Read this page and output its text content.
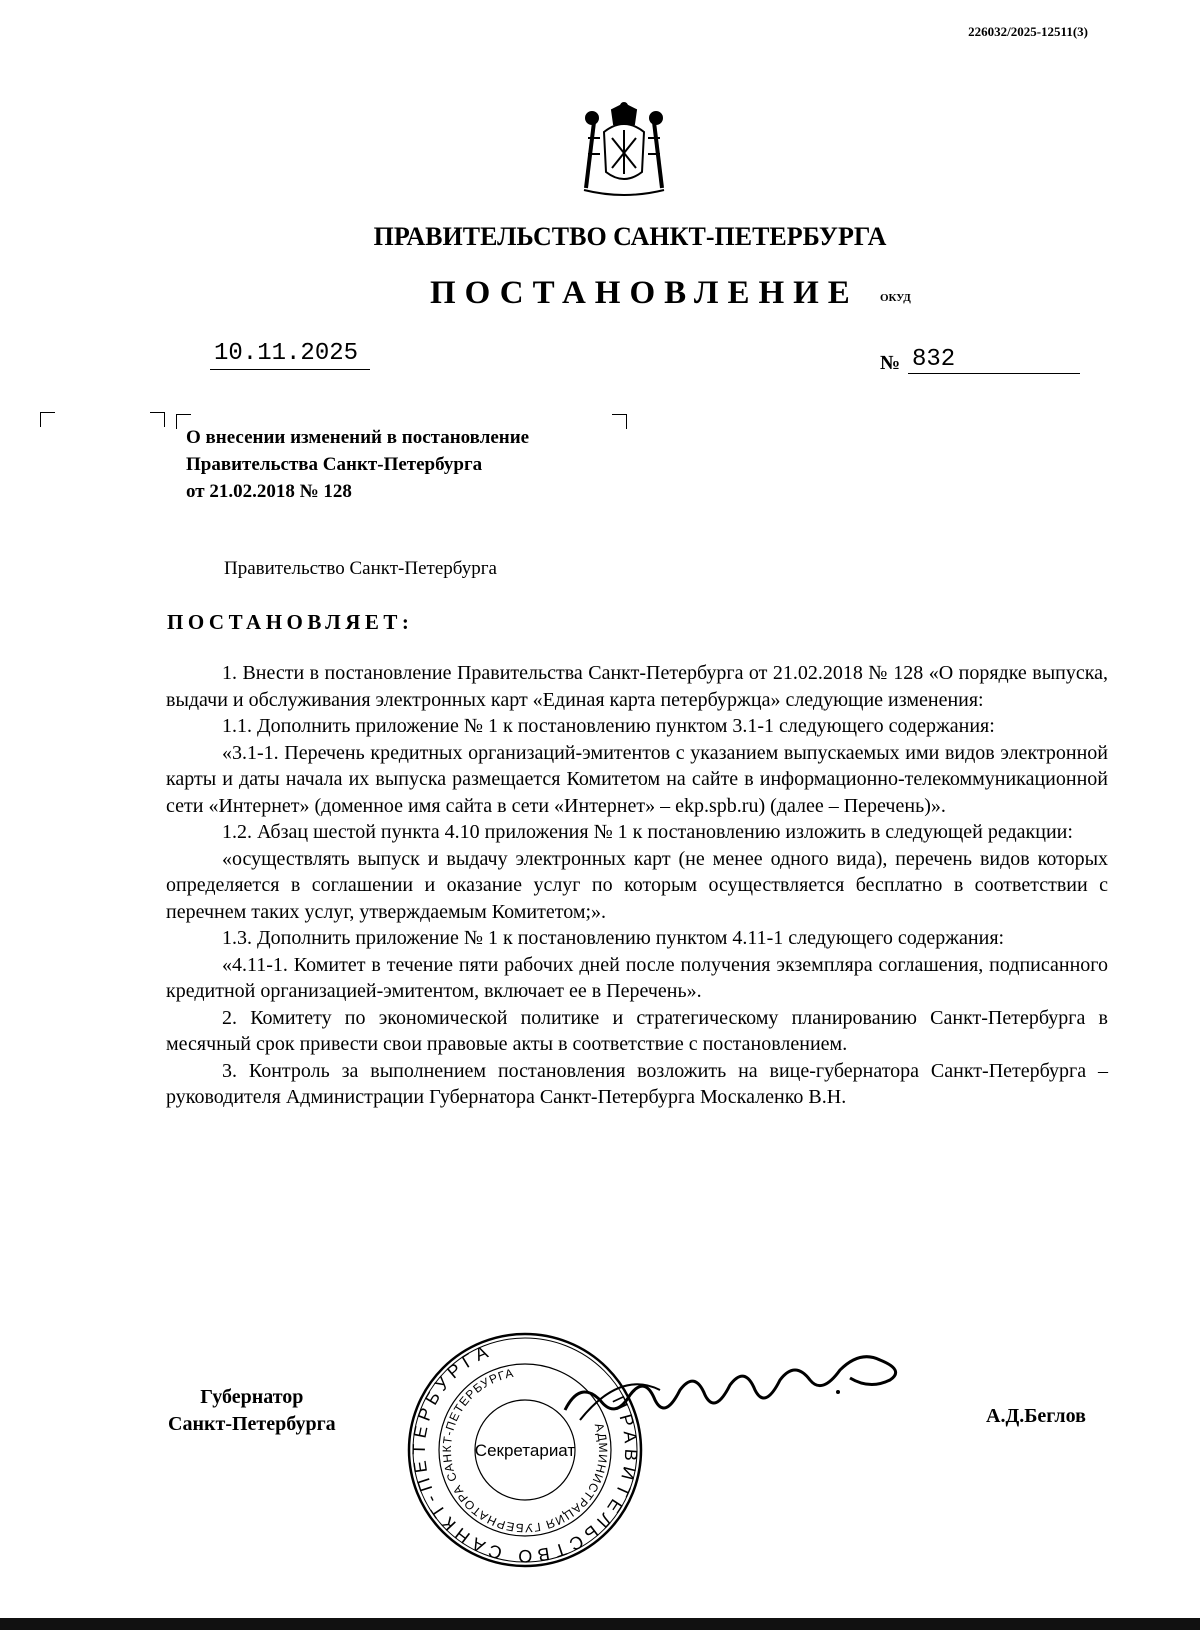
226032/2025-12511(3)
ПРАВИТЕЛЬСТВО САНКТ-ПЕТЕРБУРГА
ПОСТАНОВЛЕНИЕ ОКУД
10.11.2025	№ 832
О внесении изменений в постановление
Правительства Санкт-Петербурга
от 21.02.2018 № 128
Правительство Санкт-Петербурга
ПОСТАНОВЛЯЕТ:

1. Внести в постановление Правительства Санкт-Петербурга от 21.02.2018 № 128 «О порядке выпуска, выдачи и обслуживания электронных карт «Единая карта петербуржца» следующие изменения:

1.1. Дополнить приложение № 1 к постановлению пунктом 3.1-1 следующего содержания:

«3.1-1. Перечень кредитных организаций-эмитентов с указанием выпускаемых ими видов электронной карты и даты начала их выпуска размещается Комитетом на сайте в информационно-телекоммуникационной сети «Интернет» (доменное имя сайта в сети «Интернет» – ekp.spb.ru) (далее – Перечень)».

1.2. Абзац шестой пункта 4.10 приложения № 1 к постановлению изложить в следующей редакции:

«осуществлять выпуск и выдачу электронных карт (не менее одного вида), перечень видов которых определяется в соглашении и оказание услуг по которым осуществляется бесплатно в соответствии с перечнем таких услуг, утверждаемым Комитетом;».

1.3. Дополнить приложение № 1 к постановлению пунктом 4.11-1 следующего содержания:

«4.11-1. Комитет в течение пяти рабочих дней после получения экземпляра соглашения, подписанного кредитной организацией-эмитентом, включает ее в Перечень».

2. Комитету по экономической политике и стратегическому планированию Санкт-Петербурга в месячный срок привести свои правовые акты в соответствие с постановлением.

3. Контроль за выполнением постановления возложить на вице-губернатора Санкт-Петербурга – руководителя Администрации Губернатора Санкт-Петербурга Москаленко В.Н.

Губернатор
Санкт-Петербурга
ПРАВИТЕЛЬСТВО САНКТ-ПЕТЕРБУРГА
АДМИНИСТРАЦИЯ ГУБЕРНАТОРА САНКТ-ПЕТЕРБУРГА
Секретариат
А.Д.Беглов
